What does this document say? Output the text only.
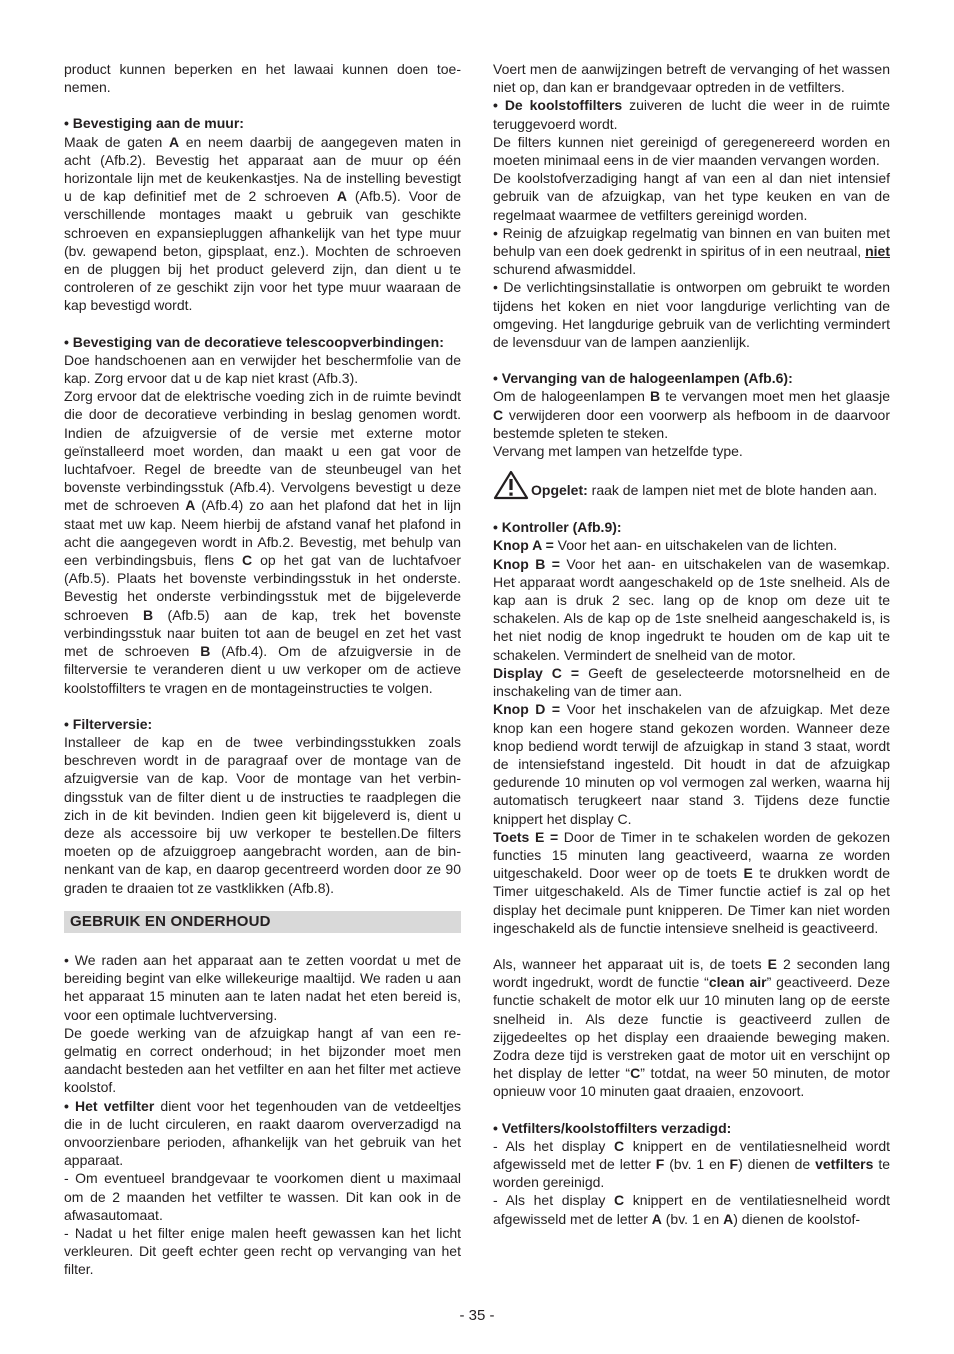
product kunnen beperken en het lawaai kunnen doen toenemen.

• Bevestiging aan de muur:

Maak de gaten A en neem daarbij de aangegeven maten in acht (Afb.2). Bevestig het apparaat aan de muur op één horizontale lijn met de keukenkastjes. Na de instelling bevestigt u de kap definitief met de 2 schroeven A (Afb.5). Voor de verschillende montages maakt u gebruik van geschikte schroeven en expansiepluggen afhankelijk van het type muur (bv. gewapend beton, gipsplaat, enz.). Mochten de schroeven en de pluggen bij het product geleverd zijn, dan dient u te controleren of ze geschikt zijn voor het type muur waaraan de kap bevestigd wordt.

• Bevestiging van de decoratieve telescoopverbindingen:

Doe handschoenen aan en verwijder het beschermfolie van de kap. Zorg ervoor dat u de kap niet krast (Afb.3).

Zorg ervoor dat de elektrische voeding zich in de ruimte bevindt die door de decoratieve verbinding in beslag genomen wordt. Indien de afzuigversie of de versie met externe motor geïnstalleerd moet worden, dan maakt u een gat voor de luchtafvoer. Regel de breedte van de steunbeugel van het bovenste verbindingsstuk (Afb.4). Vervolgens bevestigt u deze met de schroeven A (Afb.4) zo aan het plafond dat het in lijn staat met uw kap. Neem hierbij de afstand vanaf het plafond in acht die aangegeven wordt in Afb.2. Bevestig, met behulp van een verbindingsbuis, flens C op het gat van de luchtafvoer (Afb.5). Plaats het bovenste verbindingsstuk in het onderste. Bevestig het onderste verbindingsstuk met de bijgeleverde schroeven B (Afb.5) aan de kap, trek het bovenste verbindingsstuk naar buiten tot aan de beugel en zet het vast met de schroeven B (Afb.4). Om de afzuigversie in de filterversie te veranderen dient u uw verkoper om de actieve koolstoffilters te vragen en de montageinstructies te volgen.

• Filterversie:

Installeer de kap en de twee verbindingsstukken zoals beschreven wordt in de paragraaf over de montage van de afzuigversie van de kap. Voor de montage van het verbindingsstuk van de filter dient u de instructies te raadplegen die zich in de kit bevinden. Indien geen kit bijgeleverd is, dient u deze als accessoire bij uw verkoper te bestellen.De filters moeten op de afzuiggroep aangebracht worden, aan de binnenkant van de kap, en daarop gecentreerd worden door ze 90 graden te draaien tot ze vastklikken (Afb.8).

GEBRUIK EN ONDERHOUD

• We raden aan het apparaat aan te zetten voordat u met de bereiding begint van elke willekeurige maaltijd. We raden u aan het apparaat 15 minuten aan te laten nadat het eten bereid is, voor een optimale luchtverversing.

De goede werking van de afzuigkap hangt af van een regelmatig en correct onderhoud; in het bijzonder moet men aandacht besteden aan het vetfilter en aan het filter met actieve koolstof.

• Het vetfilter dient voor het tegenhouden van de vetdeeltjes die in de lucht circuleren, en raakt daarom oververzadigd na onvoorzienbare perioden, afhankelijk van het gebruik van het apparaat.

- Om eventueel brandgevaar te voorkomen dient u maximaal om de 2 maanden het vetfilter te wassen. Dit kan ook in de afwasautomaat.

- Nadat u het filter enige malen heeft gewassen kan het licht verkleuren. Dit geeft echter geen recht op vervanging van het filter.

Voert men de aanwijzingen betreft de vervanging of het wassen niet op, dan kan er brandgevaar optreden in de vetfilters.

• De koolstoffilters zuiveren de lucht die weer in de ruimte teruggevoerd wordt.

De filters kunnen niet gereinigd of geregenereerd worden en moeten minimaal eens in de vier maanden vervangen worden.

De koolstofverzadiging hangt af van een al dan niet intensief gebruik van de afzuigkap, van het type keuken en van de regelmaat waarmee de vetfilters gereinigd worden.

• Reinig de afzuigkap regelmatig van binnen en van buiten met behulp van een doek gedrenkt in spiritus of in een neutraal, niet schurend afwasmiddel.

• De verlichtingsinstallatie is ontworpen om gebruikt te worden tijdens het koken en niet voor langdurige verlichting van de omgeving. Het langdurige gebruik van de verlichting vermindert de levensduur van de lampen aanzienlijk.

• Vervanging van de halogeenlampen (Afb.6):

Om de halogeenlampen B te vervangen moet men het glaasje C verwijderen door een voorwerp als hefboom in de daarvoor bestemde spleten te steken.

Vervang met lampen van hetzelfde type.

Opgelet: raak de lampen niet met de blote handen aan.

• Kontroller (Afb.9):

Knop A = Voor het aan- en uitschakelen van de lichten.

Knop B = Voor het aan- en uitschakelen van de wasemkap. Het apparaat wordt aangeschakeld op de 1ste snelheid. Als de kap aan is druk 2 sec. lang op de knop om deze uit te schakelen. Als de kap op de 1ste snelheid aangeschakeld is, is het niet nodig de knop ingedrukt te houden om de kap uit te schakelen. Vermindert de snelheid van de motor.

Display C = Geeft de geselecteerde motorsnelheid en de inschakeling van de timer aan.

Knop D = Voor het inschakelen van de afzuigkap. Met deze knop kan een hogere stand gekozen worden. Wanneer deze knop bediend wordt terwijl de afzuigkap in stand 3 staat, wordt de intensiefstand ingesteld. Dit houdt in dat de afzuigkap gedurende 10 minuten op vol vermogen zal werken, waarna hij automatisch terugkeert naar stand 3. Tijdens deze functie knippert het display C.

Toets E = Door de Timer in te schakelen worden de gekozen functies 15 minuten lang geactiveerd, waarna ze worden uitgeschakeld. Door weer op de toets E te drukken wordt de Timer uitgeschakeld. Als de Timer functie actief is zal op het display het decimale punt knipperen. De Timer kan niet worden ingeschakeld als de functie intensieve snelheid is geactiveerd.

Als, wanneer het apparaat uit is, de toets E 2 seconden lang wordt ingedrukt, wordt de functie “clean air” geactiveerd. Deze functie schakelt de motor elk uur 10 minuten lang op de eerste snelheid in. Als deze functie is geactiveerd zullen de zijgedeeltes op het display een draaiende beweging maken. Zodra deze tijd is verstreken gaat de motor uit en verschijnt op het display de letter “C” totdat, na weer 50 minuten, de motor opnieuw voor 10 minuten gaat draaien, enzovoort.

• Vetfilters/koolstoffilters verzadigd:

- Als het display C knippert en de ventilatiesnelheid wordt afgewisseld met de letter F (bv. 1 en F) dienen de vetfilters te worden gereinigd.

- Als het display C knippert en de ventilatiesnelheid wordt afgewisseld met de letter A (bv. 1 en A) dienen de koolstof-

- 35 -
